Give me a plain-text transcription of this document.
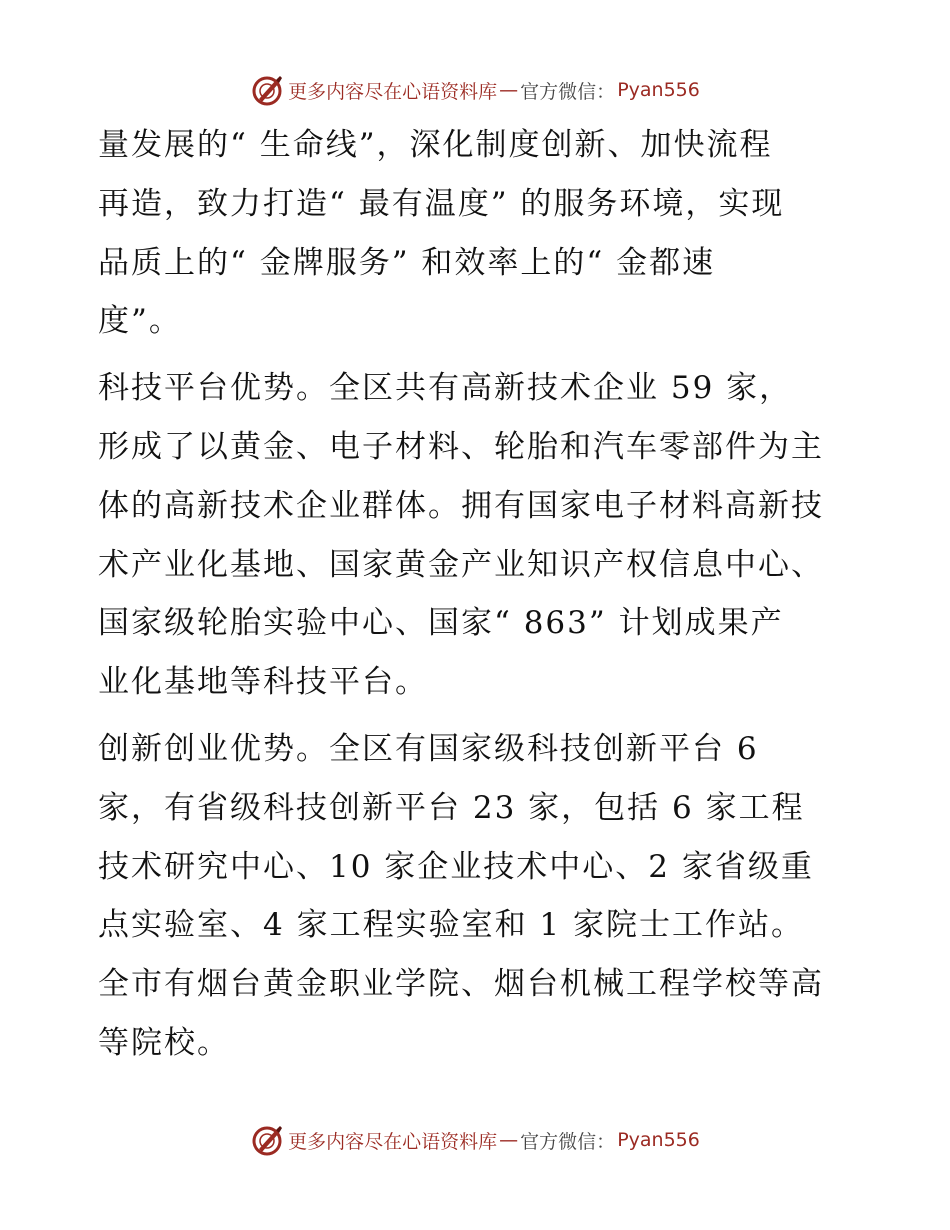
更多内容尽在心语资料库 — 官方微信： Pyan556

量发展的“ 生命线”，深化制度创新、加快流程
再造，致力打造“ 最有温度” 的服务环境，实现
品质上的“ 金牌服务” 和效率上的“ 金都速
度”。

科技平台优势。全区共有高新技术企业 59 家，
形成了以黄金、电子材料、轮胎和汽车零部件为主
体的高新技术企业群体。拥有国家电子材料高新技
术产业化基地、国家黄金产业知识产权信息中心、
国家级轮胎实验中心、国家“ 863” 计划成果产
业化基地等科技平台。

创新创业优势。全区有国家级科技创新平台 6
家，有省级科技创新平台 23 家，包括 6 家工程
技术研究中心、10 家企业技术中心、2 家省级重
点实验室、4 家工程实验室和 1 家院士工作站。
全市有烟台黄金职业学院、烟台机械工程学校等高
等院校。

更多内容尽在心语资料库 — 官方微信： Pyan556
